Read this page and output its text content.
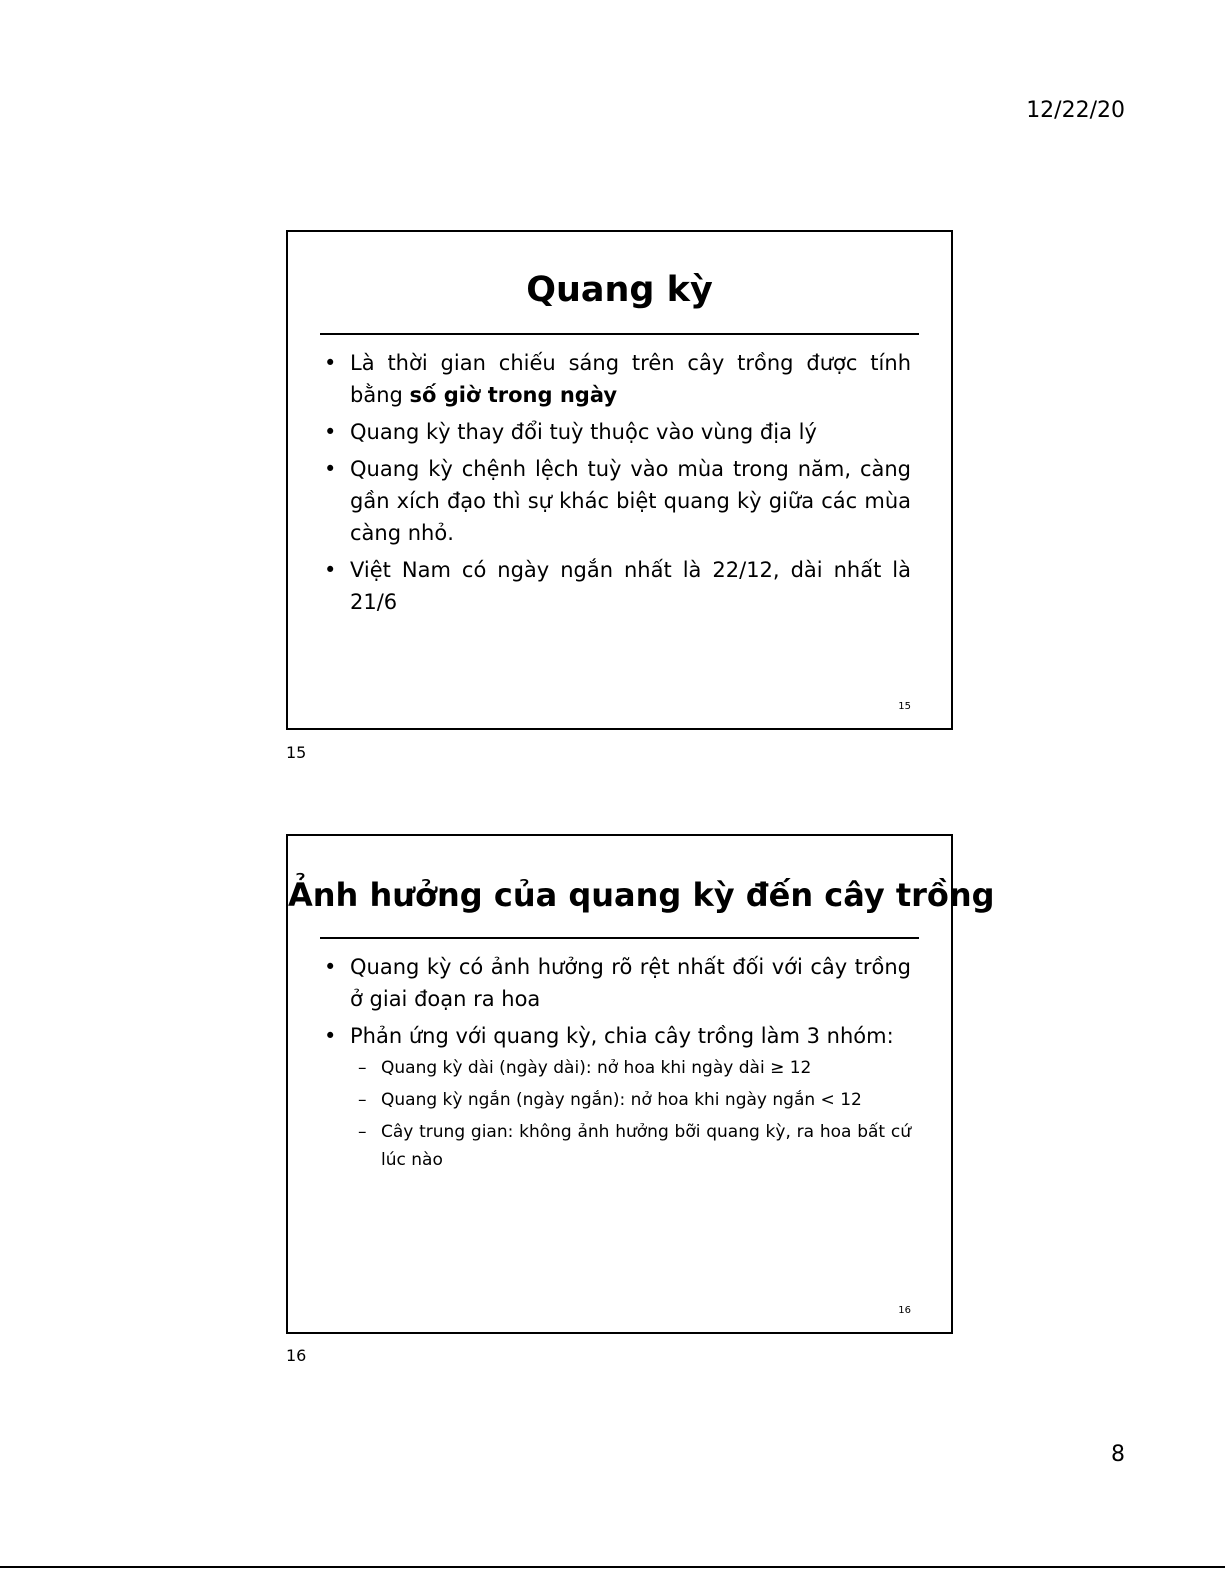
12/22/20
Quang kỳ
• Là thời gian chiếu sáng trên cây trồng được tính bằng số giờ trong ngày
• Quang kỳ thay đổi tuỳ thuộc vào vùng địa lý
• Quang kỳ chệnh lệch tuỳ vào mùa trong năm, càng gần xích đạo thì sự khác biệt quang kỳ giữa các mùa càng nhỏ.
• Việt Nam có ngày ngắn nhất là 22/12, dài nhất là 21/6
15
15
Ảnh hưởng của quang kỳ đến cây trồng
• Quang kỳ có ảnh hưởng rõ rệt nhất đối với cây trồng ở giai đoạn ra hoa
• Phản ứng với quang kỳ, chia cây trồng làm 3 nhóm:
– Quang kỳ dài (ngày dài): nở hoa khi ngày dài ≥ 12
– Quang kỳ ngắn (ngày ngắn): nở hoa khi ngày ngắn < 12
– Cây trung gian: không ảnh hưởng bỡi quang kỳ, ra hoa bất cứ lúc nào
16
16
8
